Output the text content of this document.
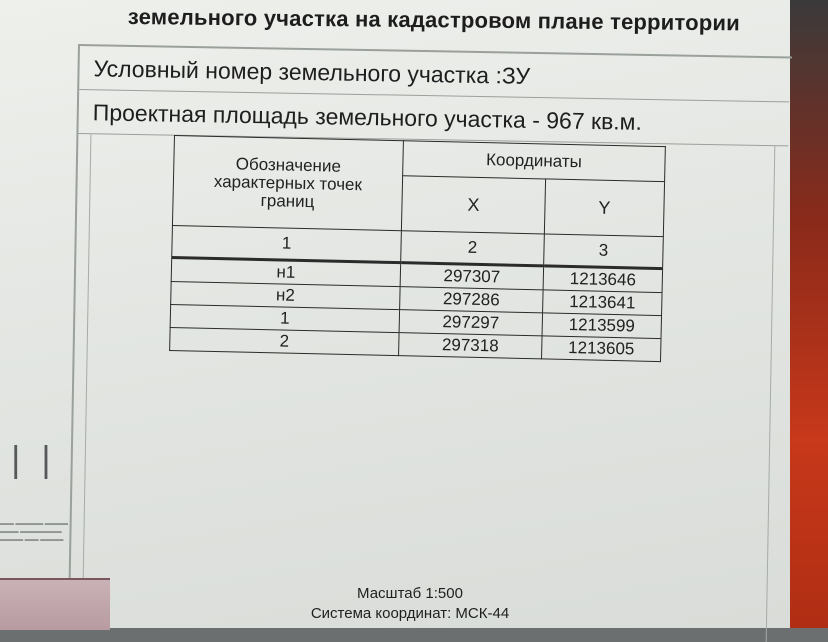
земельного участка на кадастровом плане территории
Условный номер земельного участка :ЗУ
Проектная площадь земельного участка - 967 кв.м.
Обозначение
характерных точек
границ	Координаты	
	X	Y
1	2	3
н1	297307	1213646
н2	297286	1213641
1	297297	1213599
2	297318	1213605
| |
▁▁▁ ▁▁▁▁▁▁ ▁▁▁▁▁
▁▁▁▁ ▁▁▁▁▁▁▁▁▁
▁▁▁▁▁ ▁▁▁ ▁▁▁▁▁
Масштаб 1:500
Система координат: МСК-44
